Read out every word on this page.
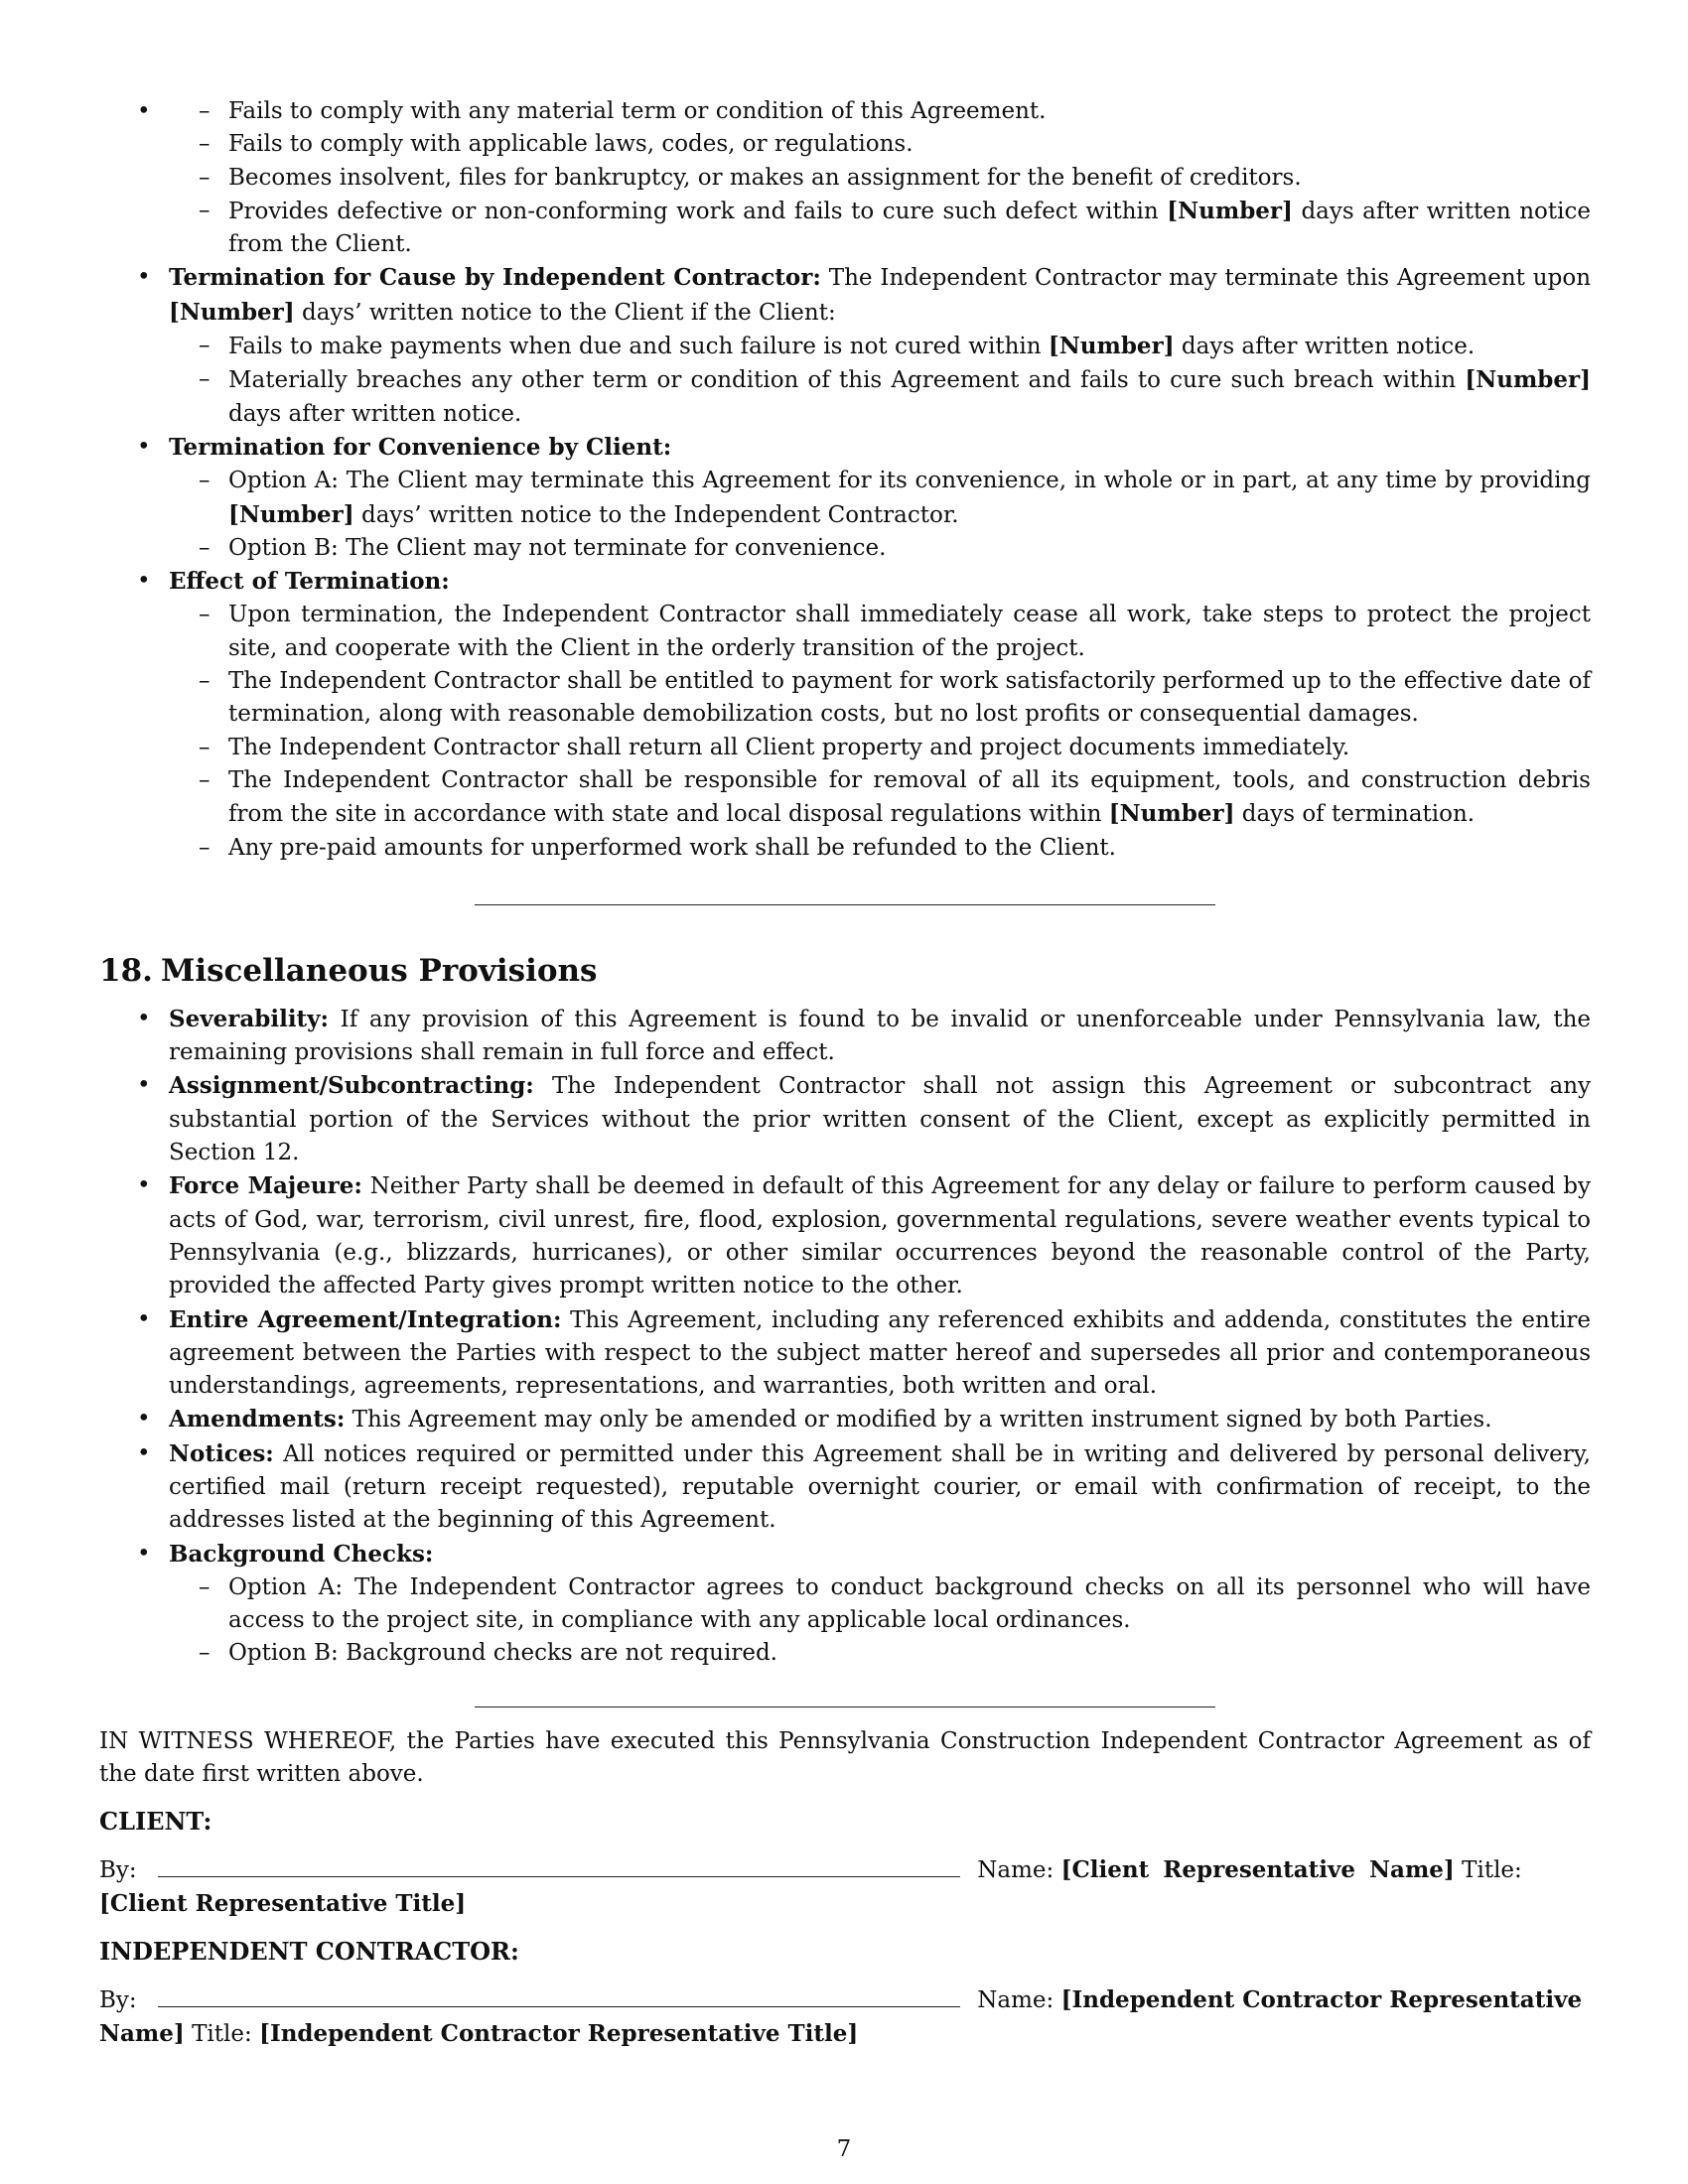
• – Fails to comply with any material term or condition of this Agreement.
– Fails to comply with applicable laws, codes, or regulations.
– Becomes insolvent, files for bankruptcy, or makes an assignment for the benefit of creditors.
– Provides defective or non-conforming work and fails to cure such defect within [Number] days after written notice from the Client.
• Termination for Cause by Independent Contractor: The Independent Contractor may terminate this Agreement upon [Number] days’ written notice to the Client if the Client:
– Fails to make payments when due and such failure is not cured within [Number] days after written notice.
– Materially breaches any other term or condition of this Agreement and fails to cure such breach within [Number] days after written notice.
• Termination for Convenience by Client:
– Option A: The Client may terminate this Agreement for its convenience, in whole or in part, at any time by providing [Number] days’ written notice to the Independent Contractor.
– Option B: The Client may not terminate for convenience.
• Effect of Termination:
– Upon termination, the Independent Contractor shall immediately cease all work, take steps to protect the project site, and cooperate with the Client in the orderly transition of the project.
– The Independent Contractor shall be entitled to payment for work satisfactorily performed up to the effective date of termination, along with reasonable demobilization costs, but no lost profits or consequential damages.
– The Independent Contractor shall return all Client property and project documents immediately.
– The Independent Contractor shall be responsible for removal of all its equipment, tools, and construction debris from the site in accordance with state and local disposal regulations within [Number] days of termination.
– Any pre-paid amounts for unperformed work shall be refunded to the Client.
18. Miscellaneous Provisions
• Severability: If any provision of this Agreement is found to be invalid or unenforceable under Pennsylvania law, the remaining provisions shall remain in full force and effect.
• Assignment/Subcontracting: The Independent Contractor shall not assign this Agreement or subcontract any substantial portion of the Services without the prior written consent of the Client, except as explicitly permitted in Section 12.
• Force Majeure: Neither Party shall be deemed in default of this Agreement for any delay or failure to perform caused by acts of God, war, terrorism, civil unrest, fire, flood, explosion, governmental regulations, severe weather events typical to Pennsylvania (e.g., blizzards, hurricanes), or other similar occurrences beyond the reasonable control of the Party, provided the affected Party gives prompt written notice to the other.
• Entire Agreement/Integration: This Agreement, including any referenced exhibits and addenda, constitutes the entire agreement between the Parties with respect to the subject matter hereof and supersedes all prior and contemporaneous understandings, agreements, representations, and warranties, both written and oral.
• Amendments: This Agreement may only be amended or modified by a written instrument signed by both Parties.
• Notices: All notices required or permitted under this Agreement shall be in writing and delivered by personal delivery, certified mail (return receipt requested), reputable overnight courier, or email with confirmation of receipt, to the addresses listed at the beginning of this Agreement.
• Background Checks:
– Option A: The Independent Contractor agrees to conduct background checks on all its personnel who will have access to the project site, in compliance with any applicable local ordinances.
– Option B: Background checks are not required.

IN WITNESS WHEREOF, the Parties have executed this Pennsylvania Construction Independent Contractor Agreement as of the date first written above.

CLIENT:
By:	Name: [Client Representative Name] Title:
[Client Representative Title]
INDEPENDENT CONTRACTOR:
By:	Name: [Independent Contractor Representative Name] Title: [Independent Contractor Representative Title]
7
